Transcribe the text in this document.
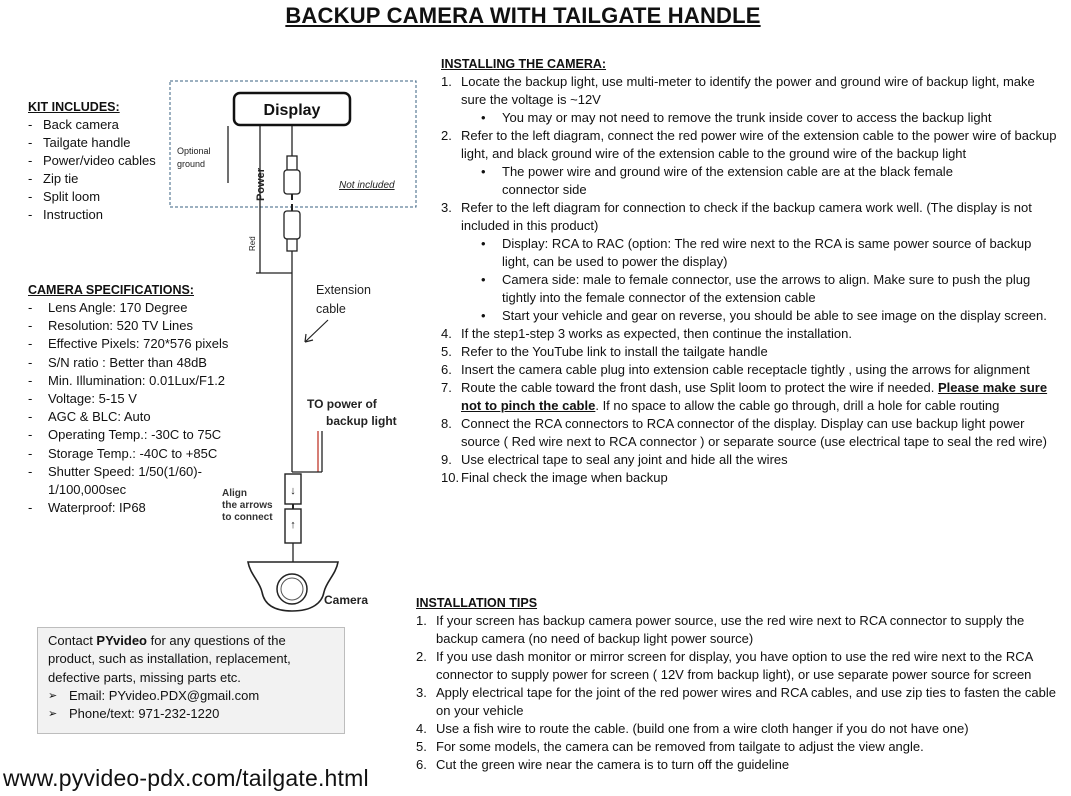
BACKUP CAMERA WITH TAILGATE HANDLE
KIT INCLUDES:
- Back camera
- Tailgate handle
- Power/video cables
- Zip tie
- Split loom
- Instruction
CAMERA SPECIFICATIONS:
- Lens Angle: 170 Degree
- Resolution: 520 TV Lines
- Effective Pixels: 720*576 pixels
- S/N ratio : Better than 48dB
- Min. Illumination: 0.01Lux/F1.2
- Voltage: 5-15 V
- AGC & BLC: Auto
- Operating Temp.: -30C to 75C
- Storage Temp.: -40C to +85C
- Shutter Speed: 1/50(1/60)-
1/100,000sec
- Waterproof: IP68
Display
↓
↑
Optional
ground
Power	Not included
Red
Extension
cable
TO power of
backup light
Align
the arrows
to connect
Camera
Contact PYvideo for any questions of the
product, such as installation, replacement,
defective parts, missing parts etc.
➢ Email: PYvideo.PDX@gmail.com
➢ Phone/text: 971-232-1220
www.pyvideo-pdx.com/tailgate.html
INSTALLING THE CAMERA:
1. Locate the backup light, use multi-meter to identify the power and ground wire of backup light, make sure the voltage is ~12V
• You may or may not need to remove the trunk inside cover to access the backup light
2. Refer to the left diagram, connect the red power wire of the extension cable to the power wire of backup light, and black ground wire of the extension cable to the ground wire of the backup light
• The power wire and ground wire of the extension cable are at the black female connector side
3. Refer to the left diagram for connection to check if the backup camera work well. (The display is not included in this product)
• Display: RCA to RAC (option: The red wire next to the RCA is same power source of backup light, can be used to power the display)
• Camera side: male to female connector, use the arrows to align. Make sure to push the plug tightly into the female connector of the extension cable
• Start your vehicle and gear on reverse, you should be able to see image on the display screen.
4. If the step1-step 3 works as expected, then continue the installation.
5. Refer to the YouTube link to install the tailgate handle
6. Insert the camera cable plug into extension cable receptacle tightly , using the arrows for alignment
7. Route the cable toward the front dash, use Split loom to protect the wire if needed. Please make sure not to pinch the cable. If no space to allow the cable go through, drill a hole for cable routing
8. Connect the RCA connectors to RCA connector of the display. Display can use backup light power source ( Red wire next to RCA connector ) or separate source (use electrical tape to seal the red wire)
9. Use electrical tape to seal any joint and hide all the wires
10. Final check the image when backup
INSTALLATION TIPS
1. If your screen has backup camera power source, use the red wire next to RCA connector to supply the backup camera (no need of backup light power source)
2. If you use dash monitor or mirror screen for display, you have option to use the red wire next to the RCA connector to supply power for screen ( 12V from backup light), or use separate power source for screen
3. Apply electrical tape for the joint of the red power wires and RCA cables, and use zip ties to fasten the cable on your vehicle
4. Use a fish wire to route the cable. (build one from a wire cloth hanger if you do not have one)
5. For some models, the camera can be removed from tailgate to adjust the view angle.
6. Cut the green wire near the camera is to turn off the guideline
